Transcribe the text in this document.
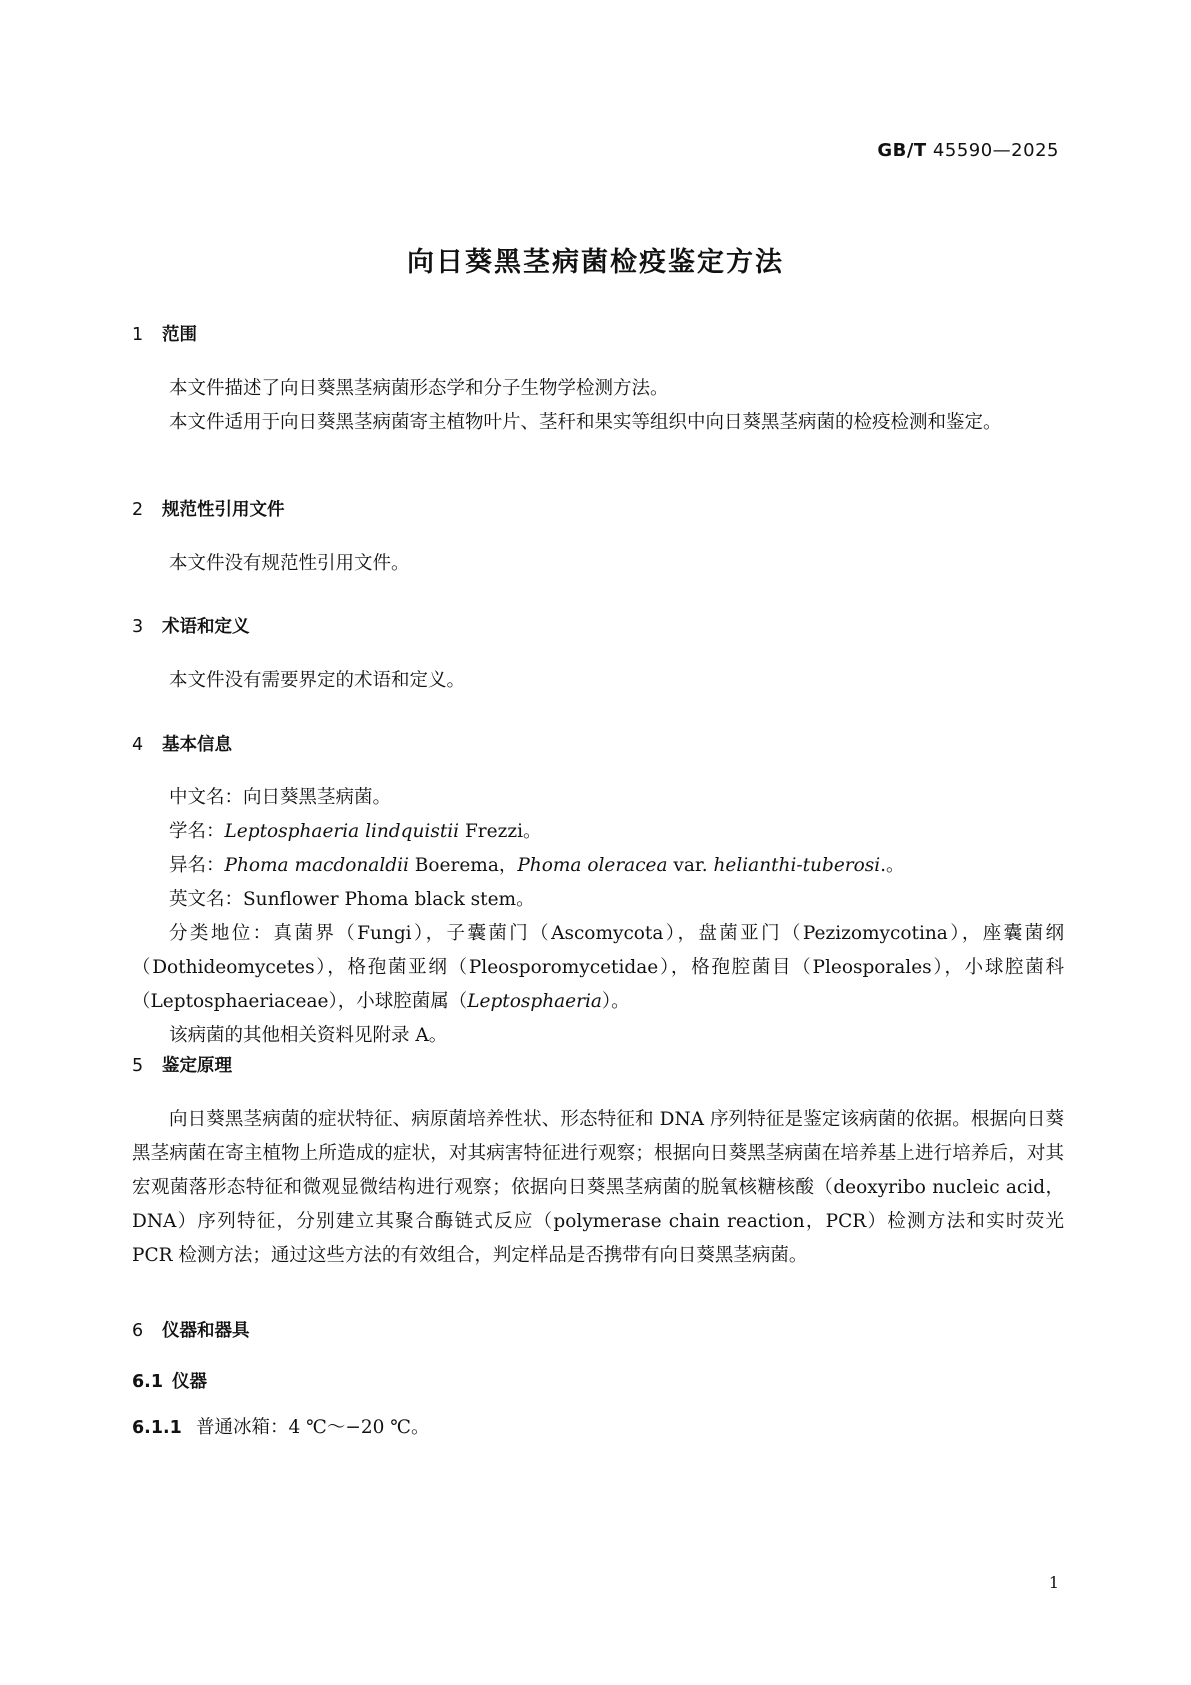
GB/T 45590—2025
向日葵黑茎病菌检疫鉴定方法
1 范围

本文件描述了向日葵黑茎病菌形态学和分子生物学检测方法。

本文件适用于向日葵黑茎病菌寄主植物叶片、茎秆和果实等组织中向日葵黑茎病菌的检疫检测和鉴定。

2 规范性引用文件

本文件没有规范性引用文件。

3 术语和定义

本文件没有需要界定的术语和定义。

4 基本信息

中文名：向日葵黑茎病菌。

学名：Leptosphaeria lindquistii Frezzi。

异名：Phoma macdonaldii Boerema，Phoma oleracea var. helianthi-tuberosi.。

英文名：Sunflower Phoma black stem。

分类地位：真菌界（Fungi），子囊菌门（Ascomycota），盘菌亚门（Pezizomycotina），座囊菌纲（Dothideomycetes），格孢菌亚纲（Pleosporomycetidae），格孢腔菌目（Pleosporales），小球腔菌科（Leptosphaeriaceae），小球腔菌属（Leptosphaeria）。

该病菌的其他相关资料见附录 A。

5 鉴定原理

向日葵黑茎病菌的症状特征、病原菌培养性状、形态特征和 DNA 序列特征是鉴定该病菌的依据。根据向日葵黑茎病菌在寄主植物上所造成的症状，对其病害特征进行观察；根据向日葵黑茎病菌在培养基上进行培养后，对其宏观菌落形态特征和微观显微结构进行观察；依据向日葵黑茎病菌的脱氧核糖核酸（deoxyribo nucleic acid，DNA）序列特征，分别建立其聚合酶链式反应（polymerase chain reaction，PCR）检测方法和实时荧光 PCR 检测方法；通过这些方法的有效组合，判定样品是否携带有向日葵黑茎病菌。

6 仪器和器具
6.1 仪器
6.1.1 普通冰箱：4 ℃～−20 ℃。
1
